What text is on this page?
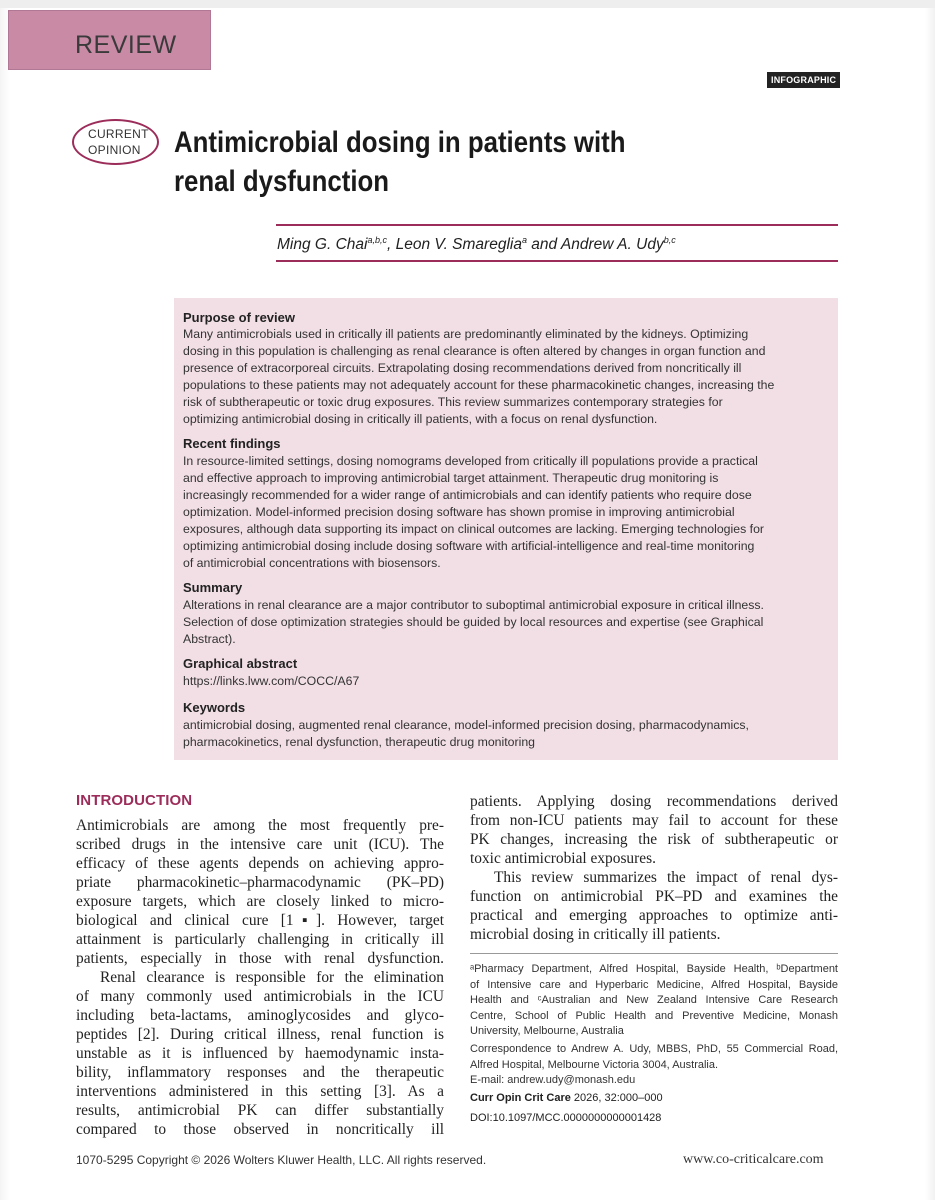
REVIEW
INFOGRAPHIC
CURRENT
OPINION Antimicrobial dosing in patients with renal dysfunction
Ming G. Chai$^{a,b,c}$, Leon V. Smareglia$^a$ and Andrew A. Udy$^{b,c}$
Purpose of review

Many antimicrobials used in critically ill patients are predominantly eliminated by the kidneys. Optimizing
dosing in this population is challenging as renal clearance is often altered by changes in organ function and
presence of extracorporeal circuits. Extrapolating dosing recommendations derived from noncritically ill
populations to these patients may not adequately account for these pharmacokinetic changes, increasing the
risk of subtherapeutic or toxic drug exposures. This review summarizes contemporary strategies for
optimizing antimicrobial dosing in critically ill patients, with a focus on renal dysfunction.

Recent findings

In resource-limited settings, dosing nomograms developed from critically ill populations provide a practical
and effective approach to improving antimicrobial target attainment. Therapeutic drug monitoring is
increasingly recommended for a wider range of antimicrobials and can identify patients who require dose
optimization. Model-informed precision dosing software has shown promise in improving antimicrobial
exposures, although data supporting its impact on clinical outcomes are lacking. Emerging technologies for
optimizing antimicrobial dosing include dosing software with artificial-intelligence and real-time monitoring
of antimicrobial concentrations with biosensors.

Summary

Alterations in renal clearance are a major contributor to suboptimal antimicrobial exposure in critical illness.
Selection of dose optimization strategies should be guided by local resources and expertise (see Graphical
Abstract).

Graphical abstract

https://links.lww.com/COCC/A67

Keywords

antimicrobial dosing, augmented renal clearance, model-informed precision dosing, pharmacodynamics,
pharmacokinetics, renal dysfunction, therapeutic drug monitoring

INTRODUCTION

Antimicrobials are among the most frequently pre-
scribed drugs in the intensive care unit (ICU). The
efficacy of these agents depends on achieving appro-
priate pharmacokinetic–pharmacodynamic (PK–PD)
exposure targets, which are closely linked to micro-
biological and clinical cure [1▪]. However, target
attainment is particularly challenging in critically ill
patients, especially in those with renal dysfunction.
Renal clearance is responsible for the elimination
of many commonly used antimicrobials in the ICU
including beta-lactams, aminoglycosides and glyco-
peptides [2]. During critical illness, renal function is
unstable as it is influenced by haemodynamic insta-
bility, inflammatory responses and the therapeutic
interventions administered in this setting [3]. As a
results, antimicrobial PK can differ substantially
compared to those observed in noncritically ill

patients. Applying dosing recommendations derived
from non-ICU patients may fail to account for these
PK changes, increasing the risk of subtherapeutic or
toxic antimicrobial exposures.
This review summarizes the impact of renal dys-
function on antimicrobial PK–PD and examines the
practical and emerging approaches to optimize anti-
microbial dosing in critically ill patients.

ᵃPharmacy Department, Alfred Hospital, Bayside Health, ᵇDepartment
of Intensive care and Hyperbaric Medicine, Alfred Hospital, Bayside
Health and ᶜAustralian and New Zealand Intensive Care Research
Centre, School of Public Health and Preventive Medicine, Monash
University, Melbourne, Australia

Correspondence to Andrew A. Udy, MBBS, PhD, 55 Commercial Road,
Alfred Hospital, Melbourne Victoria 3004, Australia.
E-mail: andrew.udy@monash.edu

Curr Opin Crit Care 2026, 32:000–000
DOI:10.1097/MCC.0000000000001428
1070-5295 Copyright © 2026 Wolters Kluwer Health, LLC. All rights reserved.	www.co-criticalcare.com
